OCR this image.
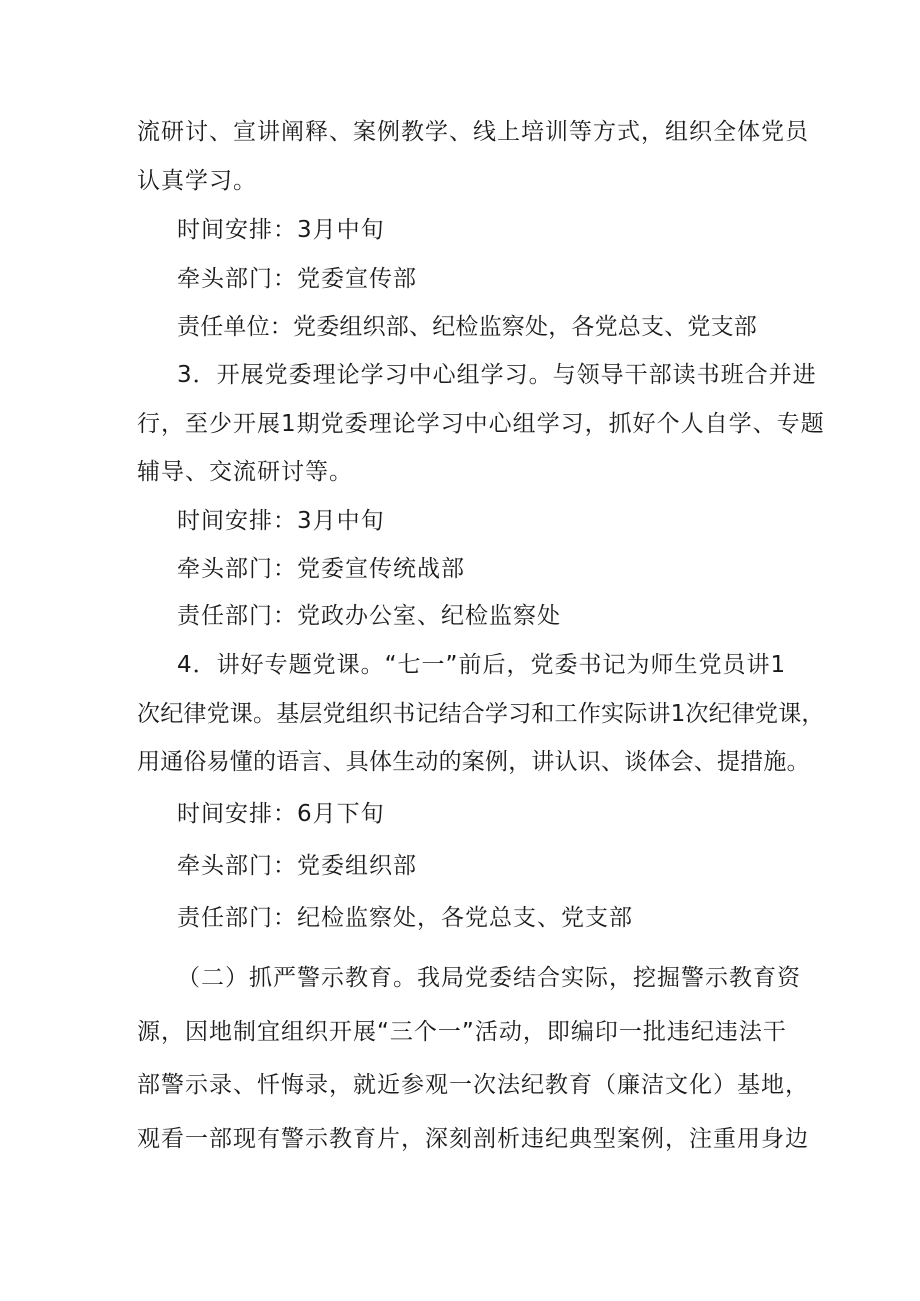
流研讨、宣讲阐释、案例教学、线上培训等方式，组织全体党员
认真学习。
时间安排：3月中旬
牵头部门：党委宣传部
责任单位：党委组织部、纪检监察处，各党总支、党支部
3．开展党委理论学习中心组学习。与领导干部读书班合并进
行，至少开展1期党委理论学习中心组学习，抓好个人自学、专题
辅导、交流研讨等。
时间安排：3月中旬
牵头部门：党委宣传统战部
责任部门：党政办公室、纪检监察处
4．讲好专题党课。“七一”前后，党委书记为师生党员讲1
次纪律党课。基层党组织书记结合学习和工作实际讲1次纪律党课，
用通俗易懂的语言、具体生动的案例，讲认识、谈体会、提措施。
时间安排：6月下旬
牵头部门：党委组织部
责任部门：纪检监察处，各党总支、党支部
（二）抓严警示教育。我局党委结合实际，挖掘警示教育资
源，因地制宜组织开展“三个一”活动，即编印一批违纪违法干
部警示录、忏悔录，就近参观一次法纪教育（廉洁文化）基地，
观看一部现有警示教育片，深刻剖析违纪典型案例，注重用身边
